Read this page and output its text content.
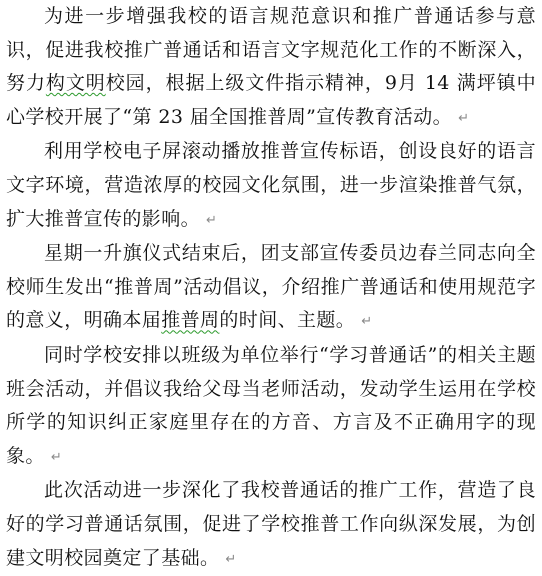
为进一步增强我校的语言规范意识和推广普通话参与意识，促进我校推广普通话和语言文字规范化工作的不断深入，努力构文明校园，根据上级文件指示精神，9月 14 满坪镇中心学校开展了“第 23 届全国推普周”宣传教育活动。 ↵

利用学校电子屏滚动播放推普宣传标语，创设良好的语言文字环境，营造浓厚的校园文化氛围，进一步渲染推普气氛，扩大推普宣传的影响。 ↵

星期一升旗仪式结束后，团支部宣传委员边春兰同志向全校师生发出“推普周”活动倡议，介绍推广普通话和使用规范字的意义，明确本届推普周的时间、主题。 ↵

同时学校安排以班级为单位举行“学习普通话”的相关主题班会活动，并倡议我给父母当老师活动，发动学生运用在学校所学的知识纠正家庭里存在的方音、方言及不正确用字的现象。 ↵

此次活动进一步深化了我校普通话的推广工作，营造了良好的学习普通话氛围，促进了学校推普工作向纵深发展，为创建文明校园奠定了基础。 ↵
